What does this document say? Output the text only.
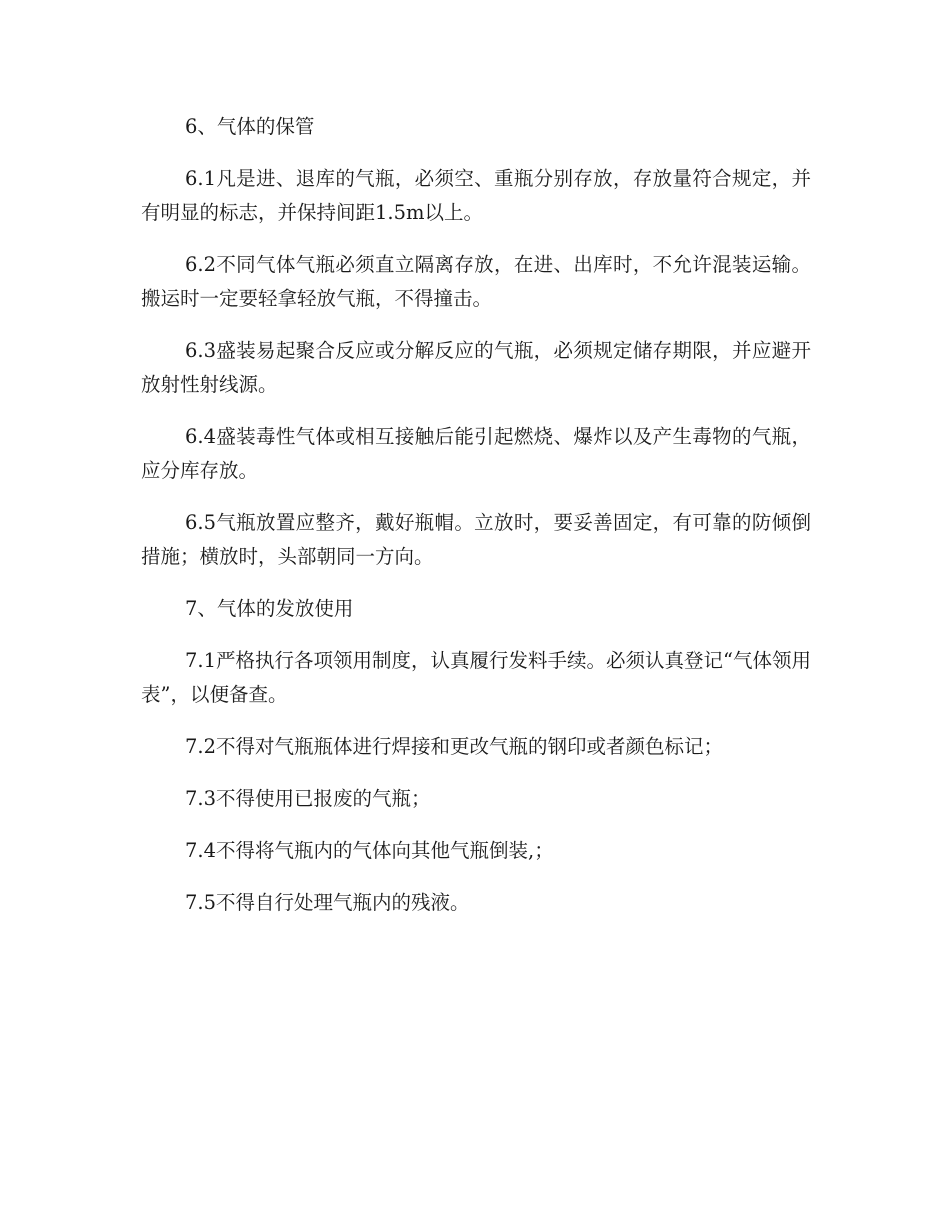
6、气体的保管

6.1凡是进、退库的气瓶，必须空、重瓶分别存放，存放量符合规定，并有明显的标志，并保持间距1.5m以上。

6.2不同气体气瓶必须直立隔离存放，在进、出库时，不允许混装运输。搬运时一定要轻拿轻放气瓶，不得撞击。

6.3盛装易起聚合反应或分解反应的气瓶，必须规定储存期限，并应避开放射性射线源。

6.4盛装毒性气体或相互接触后能引起燃烧、爆炸以及产生毒物的气瓶，应分库存放。

6.5气瓶放置应整齐，戴好瓶帽。立放时，要妥善固定，有可靠的防倾倒措施；横放时，头部朝同一方向。

7、气体的发放使用

7.1严格执行各项领用制度，认真履行发料手续。必须认真登记“气体领用表”，以便备查。

7.2不得对气瓶瓶体进行焊接和更改气瓶的钢印或者颜色标记；

7.3不得使用已报废的气瓶；

7.4不得将气瓶内的气体向其他气瓶倒装,；

7.5不得自行处理气瓶内的残液。
